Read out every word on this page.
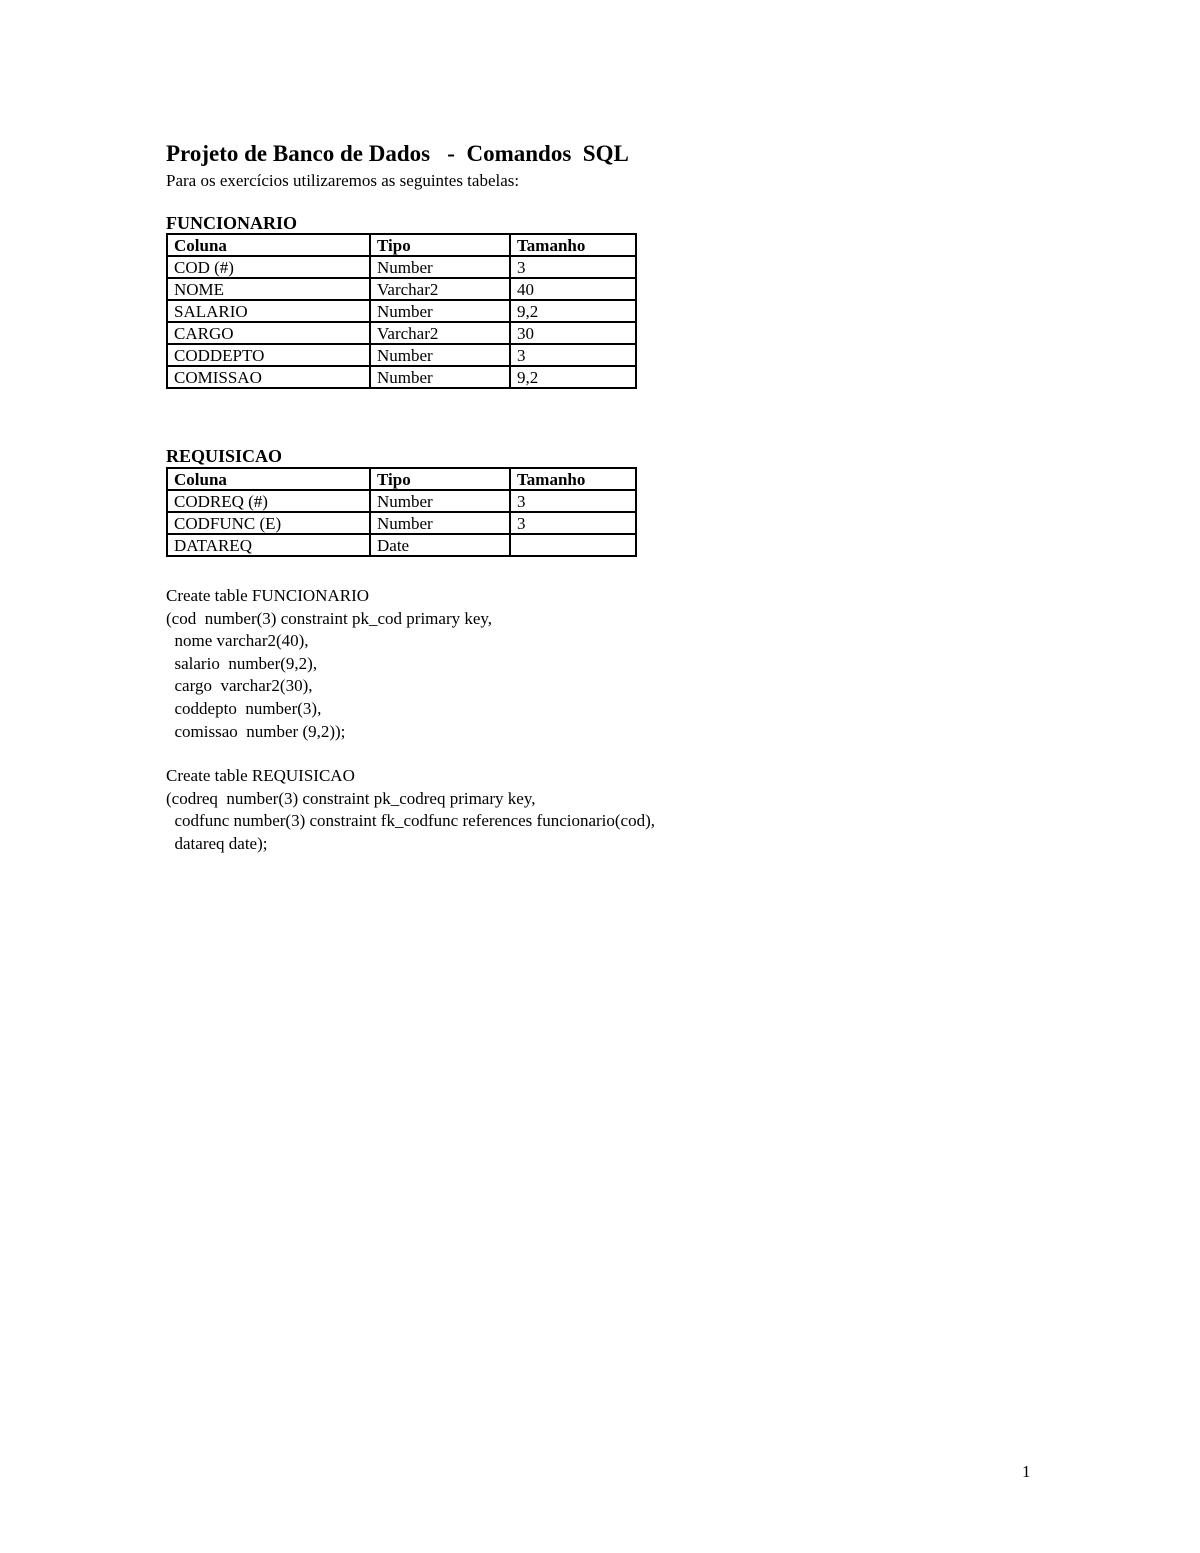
Projeto de Banco de Dados   -  Comandos  SQL
Para os exercícios utilizaremos as seguintes tabelas:
FUNCIONARIO
Coluna	Tipo	Tamanho
COD (#)	Number	3
NOME	Varchar2	40
SALARIO	Number	9,2
CARGO	Varchar2	30
CODDEPTO	Number	3
COMISSAO	Number	9,2
REQUISICAO
Coluna	Tipo	Tamanho
CODREQ (#)	Number	3
CODFUNC (E)	Number	3
DATAREQ	Date	
Create table FUNCIONARIO
(cod  number(3) constraint pk_cod primary key,
nome varchar2(40),
salario  number(9,2),
cargo  varchar2(30),
coddepto  number(3),
comissao  number (9,2));
Create table REQUISICAO
(codreq  number(3) constraint pk_codreq primary key,
codfunc number(3) constraint fk_codfunc references funcionario(cod),
datareq date);
1
